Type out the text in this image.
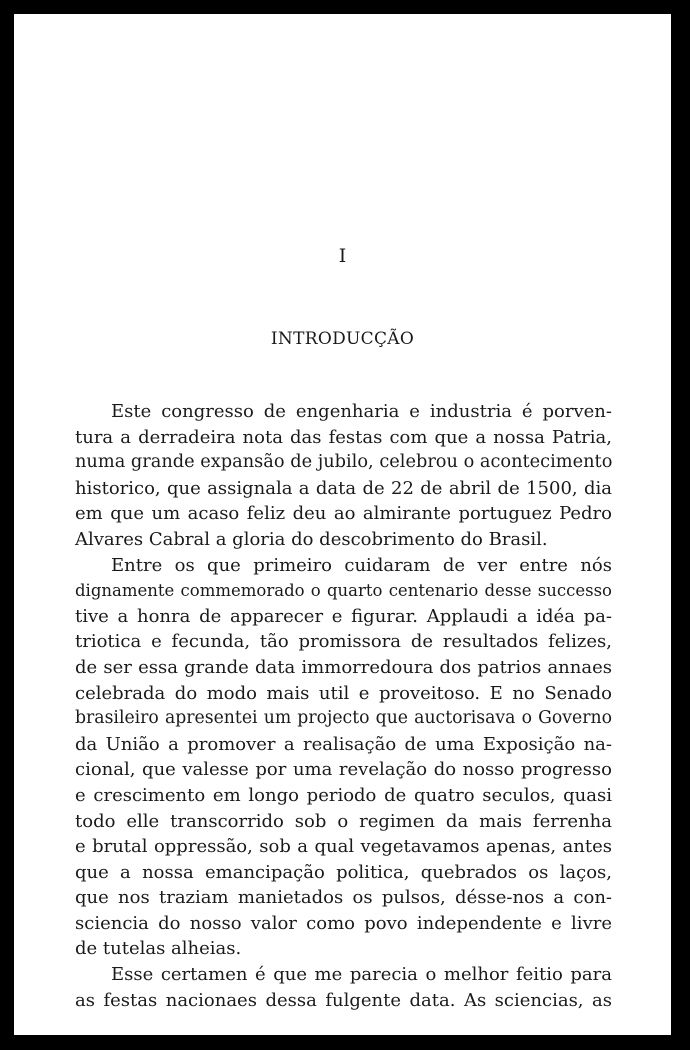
I
INTRODUCÇÃO
Este congresso de engenharia e industria é porven-
tura a derradeira nota das festas com que a nossa Patria,
numa grande expansão de jubilo, celebrou o acontecimento
historico, que assignala a data de 22 de abril de 1500, dia
em que um acaso feliz deu ao almirante portuguez Pedro
Alvares Cabral a gloria do descobrimento do Brasil.
Entre os que primeiro cuidaram de ver entre nós
dignamente commemorado o quarto centenario desse successo
tive a honra de apparecer e figurar. Applaudi a idéa pa-
triotica e fecunda, tão promissora de resultados felizes,
de ser essa grande data immorredoura dos patrios annaes
celebrada do modo mais util e proveitoso. E no Senado
brasileiro apresentei um projecto que auctorisava o Governo
da União a promover a realisação de uma Exposição na-
cional, que valesse por uma revelação do nosso progresso
e crescimento em longo periodo de quatro seculos, quasi
todo elle transcorrido sob o regimen da mais ferrenha
e brutal oppressão, sob a qual vegetavamos apenas, antes
que a nossa emancipação politica, quebrados os laços,
que nos traziam manietados os pulsos, désse-nos a con-
sciencia do nosso valor como povo independente e livre
de tutelas alheias.
Esse certamen é que me parecia o melhor feitio para
as festas nacionaes dessa fulgente data. As sciencias, as
